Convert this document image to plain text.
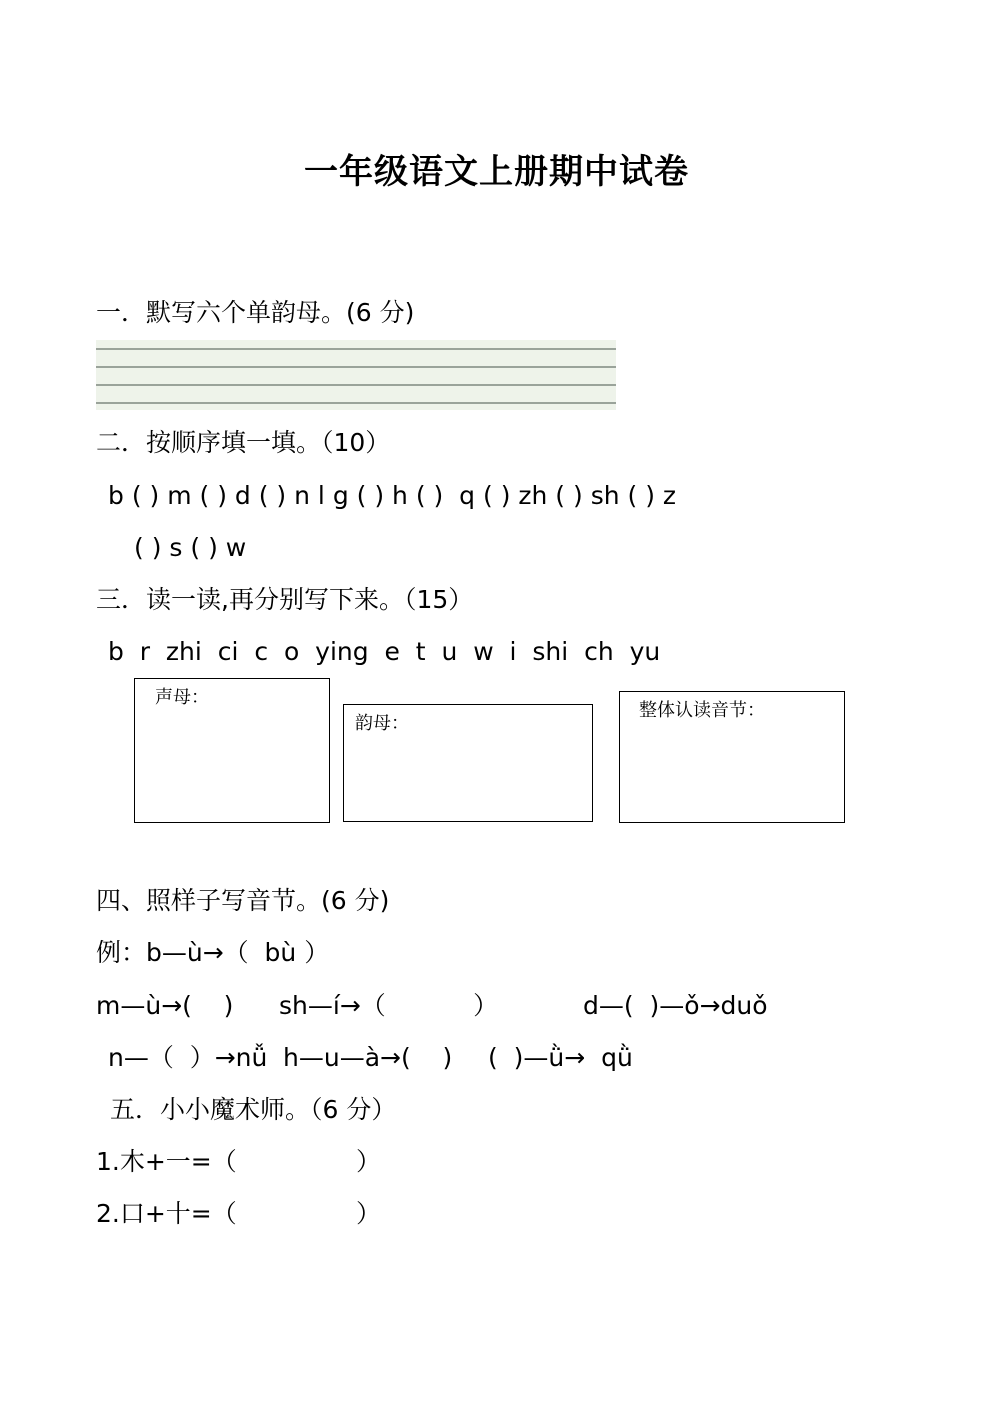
一年级语文上册期中试卷
一．默写六个单韵母。(6 分)
二．按顺序填一填。（10）
b ( ) m ( ) d ( ) n l g ( ) h ( )  q ( ) zh ( ) sh ( ) z
( ) s ( ) w
三．读一读,再分别写下来。（15）
b  r  zhi  ci  c  o  ying  e  t  u  w  i  shi  ch  yu
声母：
韵母：
整体认读音节：
四、照样子写音节。(6 分)
例：b—ù→（  bù ）
m—ù→(    ) sh—í→（           ）	d—(  )—ǒ→duǒ
n—（  ）→nǚ h—u—à→(    ) (  )—ǜ→  qǜ
五．小小魔术师。（6 分）
1.木+一=（               ）
2.口+十=（               ）
